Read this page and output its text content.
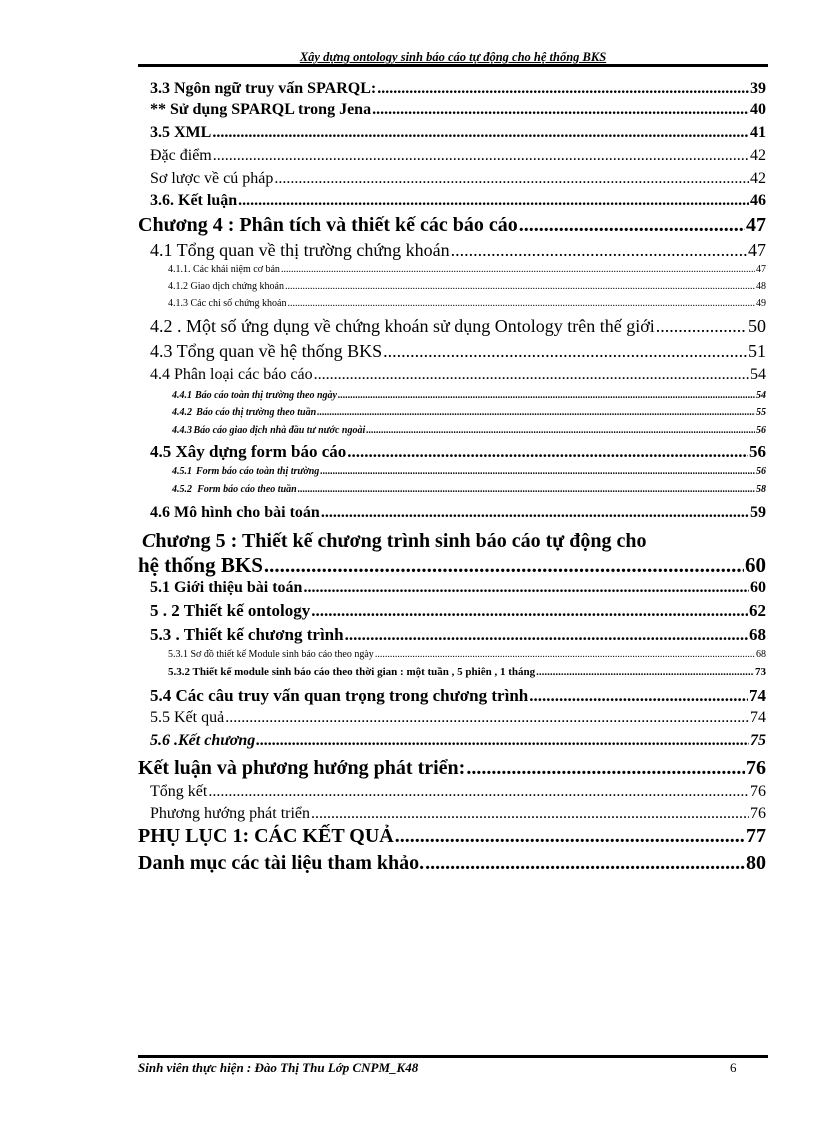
Xây dựng ontology sinh báo cáo tự động cho hệ thống BKS
3.3 Ngôn ngữ truy vấn SPARQL: .....	39
** Sử dụng SPARQL trong Jena .....	40
3.5 XML .....	41
Đặc điểm .....	42
Sơ lược về cú pháp .....	42
3.6. Kết luận .....	46
Chương 4 : Phân tích và thiết kế các báo cáo .....	47
4.1 Tổng quan về thị trường chứng khoán .....	47
4.1.1. Các khái niệm cơ bản .....	47
4.1.2 Giao dịch chứng khoán .....	48
4.1.3 Các chỉ số chứng khoán .....	49
4.2 . Một số ứng dụng về chứng khoán sử dụng Ontology trên thế giới .....	50
4.3 Tổng quan về hệ thống BKS .....	51
4.4 Phân loại các báo cáo .....	54
4.4.1 Báo cáo toàn thị trường theo ngày .....	54
4.4.2 Báo cáo thị trường theo tuần .....	55
4.4.3 Báo cáo giao dịch nhà đầu tư nước ngoài .....	56
4.5 Xây dựng form báo cáo .....	56
4.5.1 Form báo cáo toàn thị trường .....	56
4.5.2 Form báo cáo theo tuần .....	58
4.6 Mô hình cho bài toán .....	59
Chương 5 : Thiết kế chương trình sinh báo cáo tự động cho
hệ thống BKS .....	60
5.1 Giới thiệu bài toán .....	60
5 . 2 Thiết kế ontology .....	62
5.3 . Thiết kế chương trình .....	68
5.3.1 Sơ đồ thiết kế Module sinh báo cáo theo ngày .....	68
5.3.2 Thiết kế module sinh báo cáo theo thời gian : một tuần , 5 phiên , 1 tháng .....	73
5.4 Các câu truy vấn quan trọng trong chương trình .....	74
5.5 Kết quả .....	74
5.6 .Kết chương .....	75
Kết luận và phương hướng phát triển: .....	76
Tổng kết .....	76
Phương hướng phát triển .....	76
PHỤ LỤC 1: CÁC KẾT QUẢ .....	77
Danh mục các tài liệu tham khảo. .....	80
Sinh viên thực hiện : Đào Thị Thu Lớp CNPM_K48	6
